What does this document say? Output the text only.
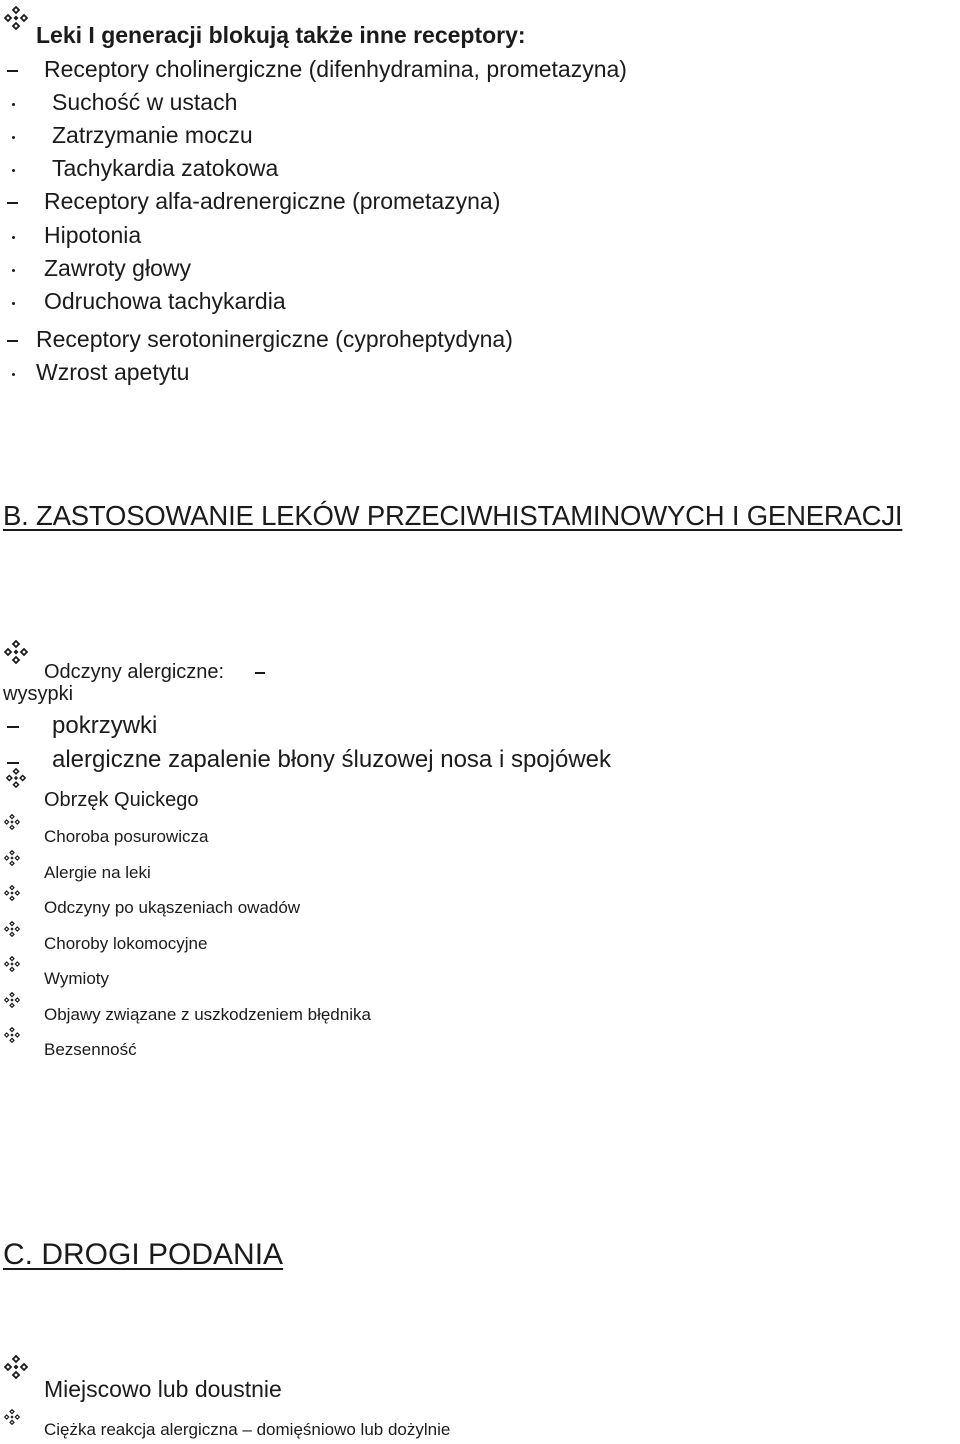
Leki I generacji blokują także inne receptory:
Receptory cholinergiczne (difenhydramina, prometazyna)
Suchość w ustach
Zatrzymanie moczu
Tachykardia zatokowa
Receptory alfa-adrenergiczne (prometazyna)
Hipotonia
Zawroty głowy
Odruchowa tachykardia
Receptory serotoninergiczne (cyproheptydyna)
Wzrost apetytu
B. ZASTOSOWANIE LEKÓW PRZECIWHISTAMINOWYCH I GENERACJI
Odczyny alergiczne:
wysypki
pokrzywki
alergiczne zapalenie błony śluzowej nosa i spojówek
Obrzęk Quickego
Choroba posurowicza
Alergie na leki
Odczyny po ukąszeniach owadów
Choroby lokomocyjne
Wymioty
Objawy związane z uszkodzeniem błędnika
Bezsenność
C. DROGI PODANIA
Miejscowo lub doustnie
Ciężka reakcja alergiczna – domięśniowo lub dożylnie
